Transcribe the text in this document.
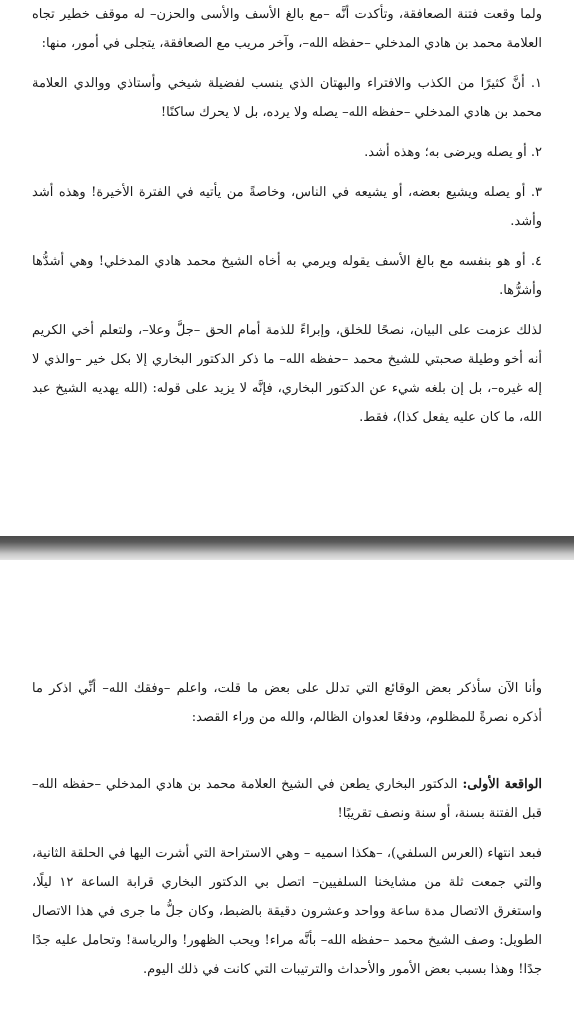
ولما وقعت فتنة الصعافقة، وتأكدت أنَّه –مع بالغ الأسف والأسى والحزن– له موقف خطير تجاه العلامة محمد بن هادي المدخلي –حفظه الله–، وآخر مريب مع الصعافقة، يتجلى في أمور، منها:

١. أنَّ كثيرًا من الكذب والافتراء والبهتان الذي ينسب لفضيلة شيخي وأستاذي ووالدي العلامة محمد بن هادي المدخلي –حفظه الله– يصله ولا يرده، بل لا يحرك ساكنًا!

٢. أو يصله ويرضى به؛ وهذه أشد.

٣. أو يصله ويشيع بعضه، أو يشيعه في الناس، وخاصةً من يأتيه في الفترة الأخيرة! وهذه أشد وأشد.

٤. أو هو بنفسه مع بالغ الأسف يقوله ويرمي به أخاه الشيخ محمد هادي المدخلي! وهي أشدُّها وأشرُّها.

لذلك عزمت على البيان، نصحًا للخلق، وإبراءً للذمة أمام الحق –جلَّ وعلا–، ولتعلم أخي الكريم أنه أخو وطيلة صحبتي للشيخ محمد –حفظه الله– ما ذكر الدكتور البخاري إلا بكل خير –والذي لا إله غيره–، بل إن بلغه شيء عن الدكتور البخاري، فإنَّه لا يزيد على قوله: (الله يهديه الشيخ عبد الله، ما كان عليه يفعل كذا)، فقط.

وأنا الآن سأذكر بعض الوقائع التي تدلل على بعض ما قلت، واعلم –وفقك الله– أنِّي اذكر ما أذكره نصرةً للمظلوم، ودفعًا لعدوان الظالم، والله من وراء القصد:

الواقعة الأولى: الدكتور البخاري يطعن في الشيخ العلامة محمد بن هادي المدخلي –حفظه الله– قبل الفتنة بسنة، أو سنة ونصف تقريبًا!

فبعد انتهاء (العرس السلفي)، –هكذا اسميه – وهي الاستراحة التي أشرت اليها في الحلقة الثانية، والتي جمعت ثلة من مشايخنا السلفيين– اتصل بي الدكتور البخاري قرابة الساعة ١٢ ليلًا، واستغرق الاتصال مدة ساعة وواحد وعشرون دقيقة بالضبط، وكان جلُّ ما جرى في هذا الاتصال الطويل: وصف الشيخ محمد –حفظه الله– بأنَّه مراء! ويحب الظهور! والرياسة! وتحامل عليه جدًا جدًا! وهذا بسبب بعض الأمور والأحداث والترتيبات التي كانت في ذلك اليوم.
